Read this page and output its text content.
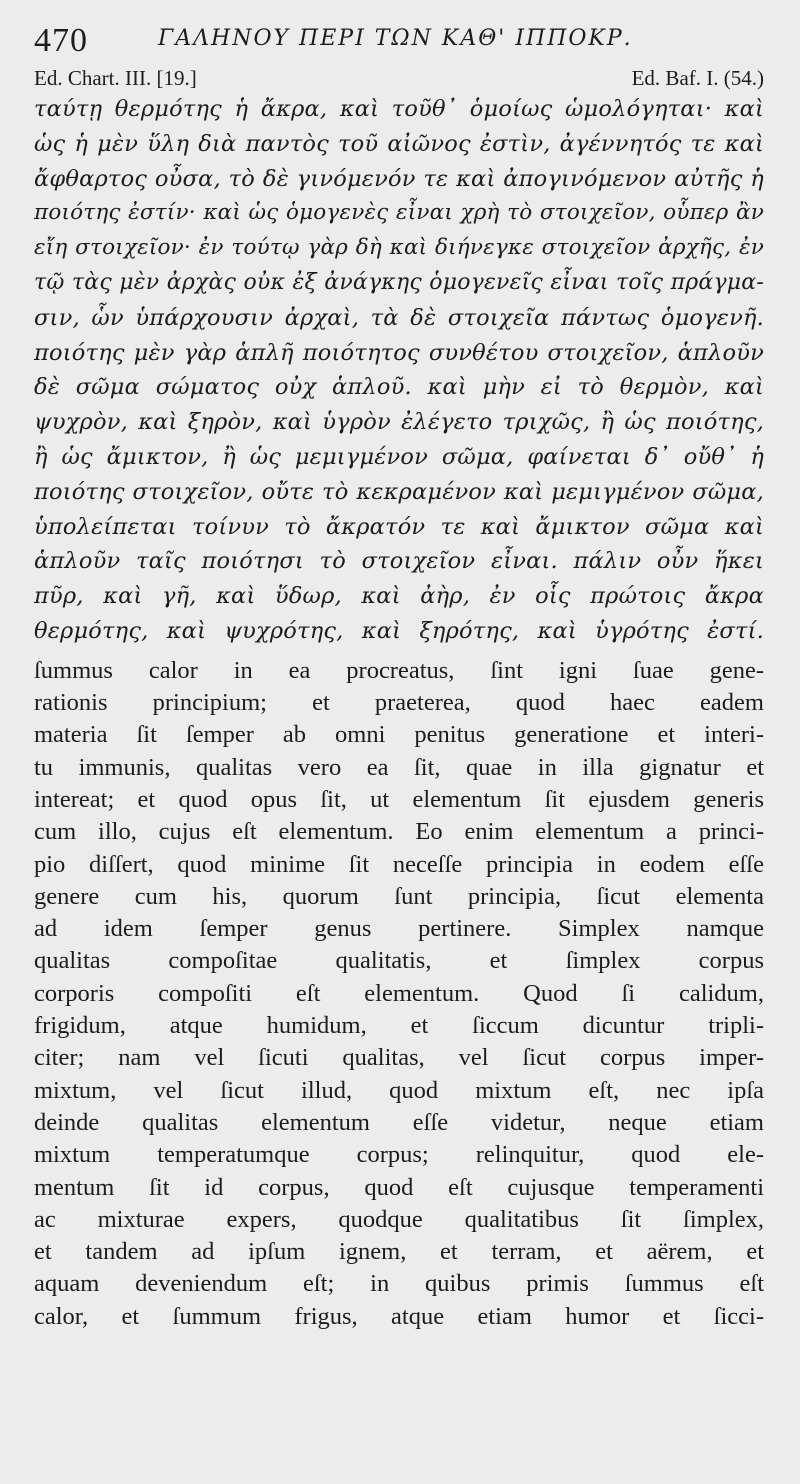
470	ΓΑΛΗΝΟΥ ΠΕΡΙ ΤΩΝ ΚΑΘ' ΙΠΠΟΚΡ.
Ed. Chart. III. [19.]	Ed. Baf. I. (54.)
ταύτῃ θερμότης ἡ ἄκρα, καὶ τοῦθ᾽ ὁμοίως ὡμολόγηται· καὶ
ὡς ἡ μὲν ὕλη διὰ παντὸς τοῦ αἰῶνος ἐστὶν, ἀγέννητός τε καὶ
ἄφθαρτος οὖσα, τὸ δὲ γινόμενόν τε καὶ ἀπογινόμενον αὐτῆς ἡ
ποιότης ἐστίν· καὶ ὡς ὁμογενὲς εἶναι χρὴ τὸ στοιχεῖον, οὗπερ ἂν
εἴη στοιχεῖον· ἐν τούτῳ γὰρ δὴ καὶ διήνεγκε στοιχεῖον ἀρχῆς, ἐν
τῷ τὰς μὲν ἀρχὰς οὐκ ἐξ ἀνάγκης ὁμογενεῖς εἶναι τοῖς πράγμα-
σιν, ὧν ὑπάρχουσιν ἀρχαὶ, τὰ δὲ στοιχεῖα πάντως ὁμογενῆ.
ποιότης μὲν γὰρ ἁπλῆ ποιότητος συνθέτου στοιχεῖον, ἁπλοῦν
δὲ σῶμα σώματος οὐχ ἁπλοῦ. καὶ μὴν εἰ τὸ θερμὸν, καὶ
ψυχρὸν, καὶ ξηρὸν, καὶ ὑγρὸν ἐλέγετο τριχῶς, ἢ ὡς ποιότης,
ἢ ὡς ἄμικτον, ἢ ὡς μεμιγμένον σῶμα, φαίνεται δ᾽ οὔθ᾽ ἡ
ποιότης στοιχεῖον, οὔτε τὸ κεκραμένον καὶ μεμιγμένον σῶμα,
ὑπολείπεται τοίνυν τὸ ἄκρατόν τε καὶ ἄμικτον σῶμα καὶ
ἁπλοῦν ταῖς ποιότησι τὸ στοιχεῖον εἶναι. πάλιν οὖν ἥκει
πῦρ, καὶ γῆ, καὶ ὕδωρ, καὶ ἀὴρ, ἐν οἷς πρώτοις ἄκρα
θερμότης, καὶ ψυχρότης, καὶ ξηρότης, καὶ ὑγρότης ἐστί.
ſummus calor in ea procreatus, ſint igni ſuae gene-
rationis principium; et praeterea, quod haec eadem
materia ſit ſemper ab omni penitus generatione et interi-
tu immunis, qualitas vero ea ſit, quae in illa gignatur et
intereat; et quod opus ſit, ut elementum ſit ejusdem generis
cum illo, cujus eſt elementum. Eo enim elementum a princi-
pio diſſert, quod minime ſit neceſſe principia in eodem eſſe
genere cum his, quorum ſunt principia, ſicut elementa
ad idem ſemper genus pertinere. Simplex namque
qualitas compoſitae qualitatis, et ſimplex corpus
corporis compoſiti eſt elementum. Quod ſi calidum,
frigidum, atque humidum, et ſiccum dicuntur tripli-
citer; nam vel ſicuti qualitas, vel ſicut corpus imper-
mixtum, vel ſicut illud, quod mixtum eſt, nec ipſa
deinde qualitas elementum eſſe videtur, neque etiam
mixtum temperatumque corpus; relinquitur, quod ele-
mentum ſit id corpus, quod eſt cujusque temperamenti
ac mixturae expers, quodque qualitatibus ſit ſimplex,
et tandem ad ipſum ignem, et terram, et aërem, et
aquam deveniendum eſt; in quibus primis ſummus eſt
calor, et ſummum frigus, atque etiam humor et ſicci-
